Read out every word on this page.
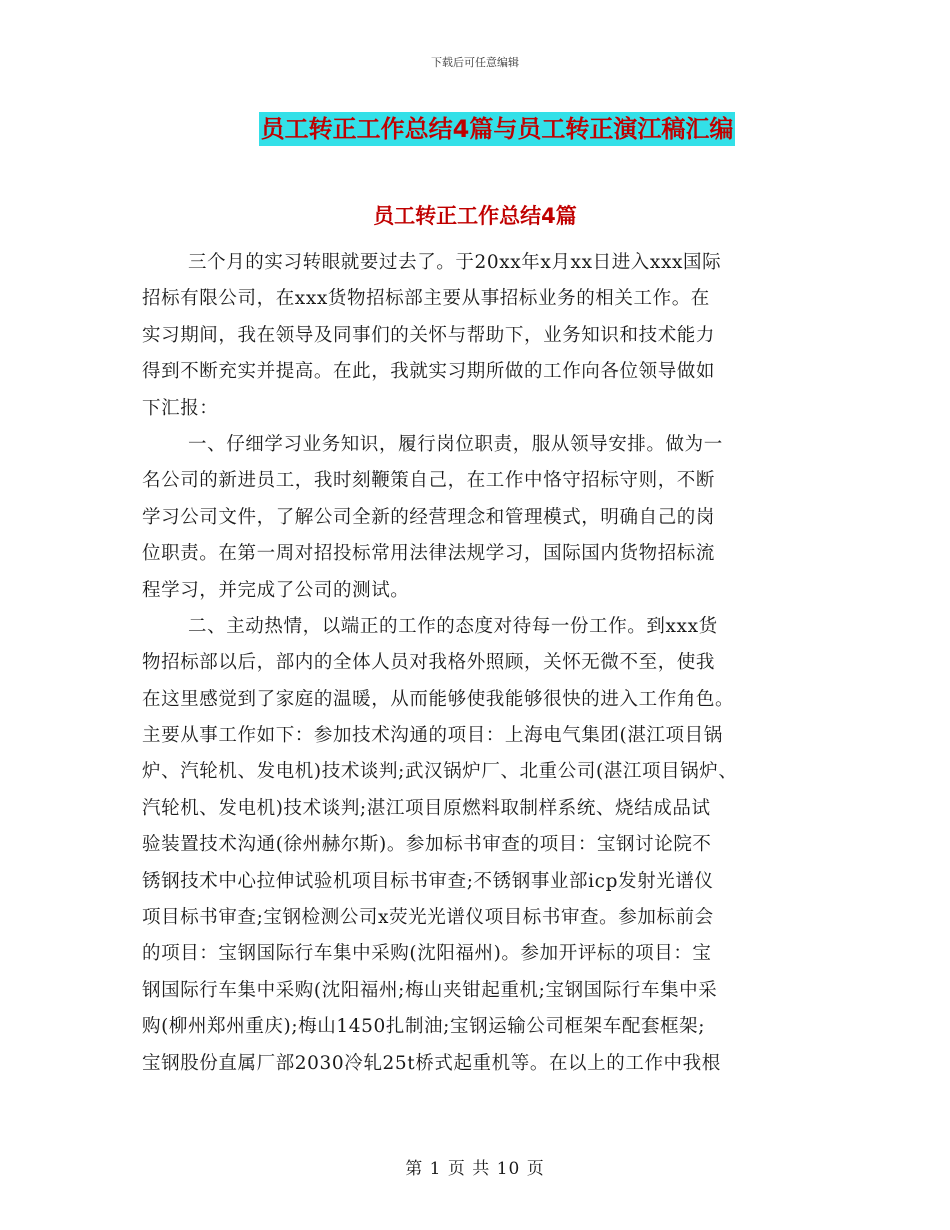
下载后可任意编辑
员工转正工作总结4篇与员工转正演江稿汇编
员工转正工作总结4篇
三个月的实习转眼就要过去了。于20xx年x月xx日进入xxx国际
招标有限公司，在xxx货物招标部主要从事招标业务的相关工作。在
实习期间，我在领导及同事们的关怀与帮助下，业务知识和技术能力
得到不断充实并提高。在此，我就实习期所做的工作向各位领导做如
下汇报：
一、仔细学习业务知识，履行岗位职责，服从领导安排。做为一
名公司的新进员工，我时刻鞭策自己，在工作中恪守招标守则，不断
学习公司文件，了解公司全新的经营理念和管理模式，明确自己的岗
位职责。在第一周对招投标常用法律法规学习，国际国内货物招标流
程学习，并完成了公司的测试。
二、主动热情，以端正的工作的态度对待每一份工作。到xxx货
物招标部以后，部内的全体人员对我格外照顾，关怀无微不至，使我
在这里感觉到了家庭的温暖，从而能够使我能够很快的进入工作角色。
主要从事工作如下：参加技术沟通的项目：上海电气集团(湛江项目锅
炉、汽轮机、发电机)技术谈判;武汉锅炉厂、北重公司(湛江项目锅炉、
汽轮机、发电机)技术谈判;湛江项目原燃料取制样系统、烧结成品试
验装置技术沟通(徐州赫尔斯)。参加标书审查的项目：宝钢讨论院不
锈钢技术中心拉伸试验机项目标书审查;不锈钢事业部icp发射光谱仪
项目标书审查;宝钢检测公司x荧光光谱仪项目标书审查。参加标前会
的项目：宝钢国际行车集中采购(沈阳福州)。参加开评标的项目：宝
钢国际行车集中采购(沈阳福州;梅山夹钳起重机;宝钢国际行车集中采
购(柳州郑州重庆);梅山1450扎制油;宝钢运输公司框架车配套框架;
宝钢股份直属厂部2030冷轧25t桥式起重机等。在以上的工作中我根
第 1 页 共 10 页
